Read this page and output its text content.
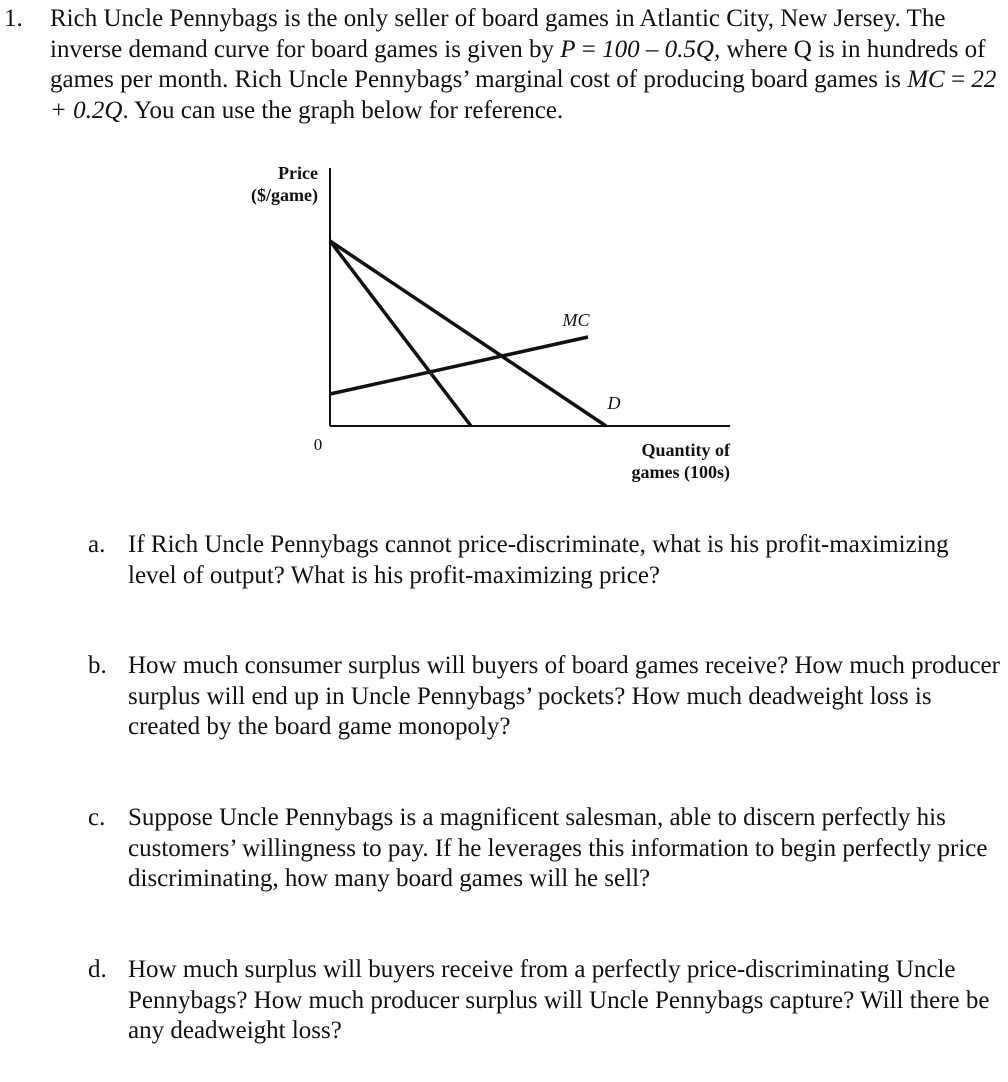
1. Rich Uncle Pennybags is the only seller of board games in Atlantic City, New Jersey. The inverse demand curve for board games is given by P = 100 – 0.5Q, where Q is in hundreds of games per month. Rich Uncle Pennybags’ marginal cost of producing board games is MC = 22 + 0.2Q. You can use the graph below for reference.
Price
($/game)
MC
D
0	Quantity of
games (100s)
a. If Rich Uncle Pennybags cannot price-discriminate, what is his profit-maximizing level of output? What is his profit-maximizing price?
b. How much consumer surplus will buyers of board games receive? How much producer surplus will end up in Uncle Pennybags’ pockets? How much deadweight loss is created by the board game monopoly?
c. Suppose Uncle Pennybags is a magnificent salesman, able to discern perfectly his customers’ willingness to pay. If he leverages this information to begin perfectly price discriminating, how many board games will he sell?
d. How much surplus will buyers receive from a perfectly price-discriminating Uncle Pennybags? How much producer surplus will Uncle Pennybags capture? Will there be any deadweight loss?
